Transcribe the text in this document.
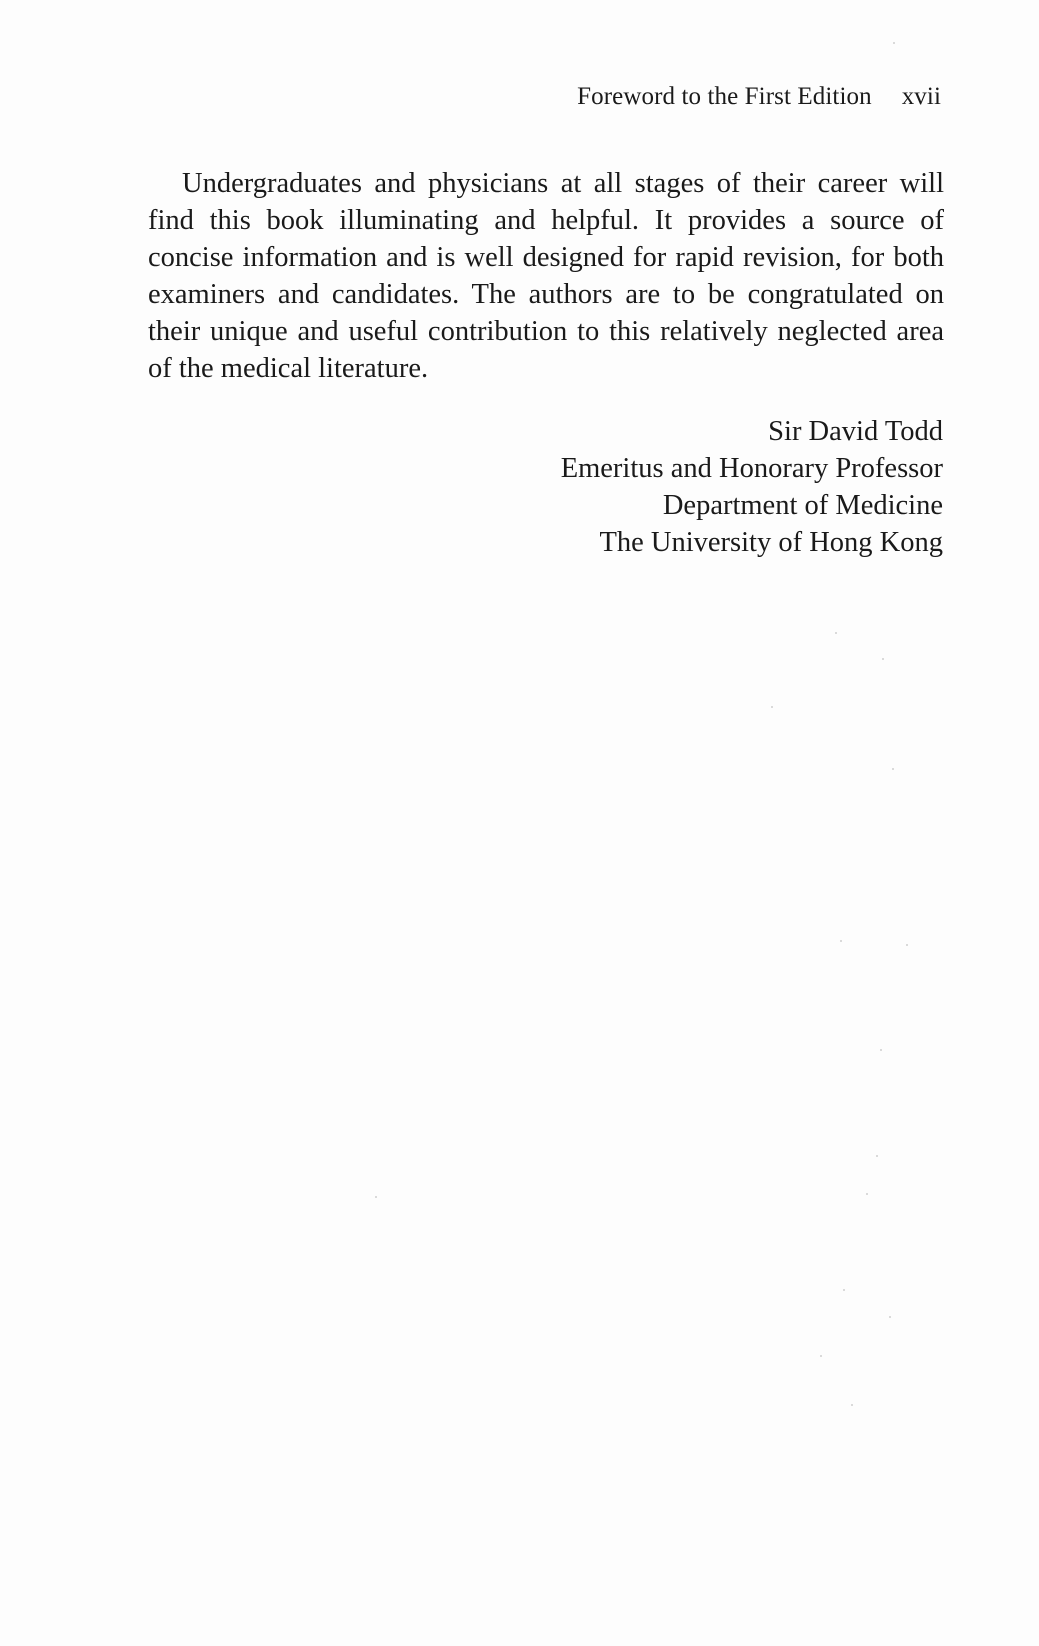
Foreword to the First Edition xvii

Undergraduates and physicians at all stages of their career will find this book illuminating and helpful. It provides a source of concise information and is well designed for rapid revision, for both examiners and candidates. The authors are to be congratulated on their unique and useful contribution to this relatively neglected area of the medical literature.

Sir David Todd
Emeritus and Honorary Professor
Department of Medicine
The University of Hong Kong
